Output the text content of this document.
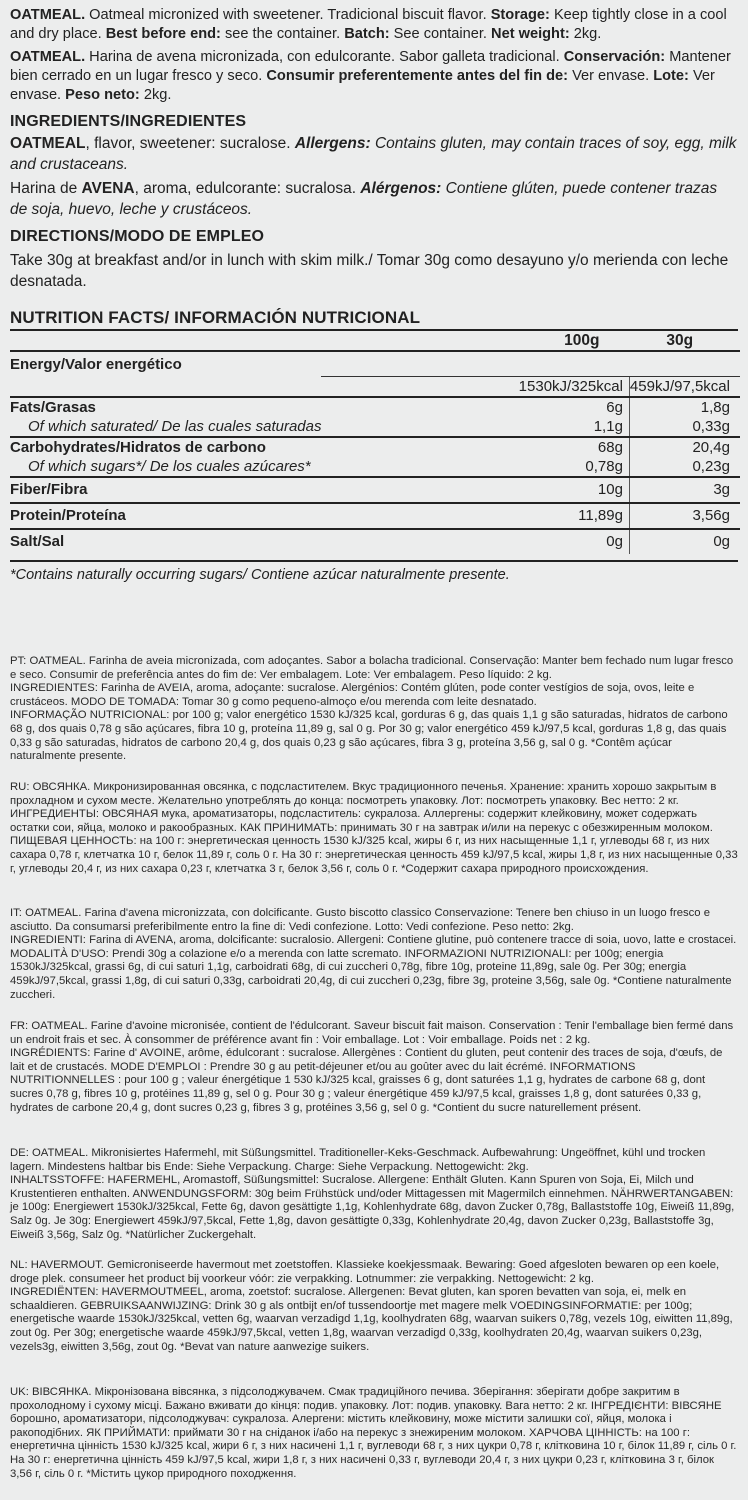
OATMEAL. Oatmeal micronized with sweetener. Tradicional biscuit flavor. Storage: Keep tightly close in a cool and dry place. Best before end: see the container. Batch: See container. Net weight: 2kg.

OATMEAL. Harina de avena micronizada, con edulcorante. Sabor galleta tradicional. Conservación: Mantener bien cerrado en un lugar fresco y seco. Consumir preferentemente antes del fin de: Ver envase. Lote: Ver envase. Peso neto: 2kg.

INGREDIENTS/INGREDIENTES

OATMEAL, flavor, sweetener: sucralose. Allergens: Contains gluten, may contain traces of soy, egg, milk and crustaceans.

Harina de AVENA, aroma, edulcorante: sucralosa. Alérgenos: Contiene glúten, puede contener trazas de soja, huevo, leche y crustáceos.

DIRECTIONS/MODO DE EMPLEO

Take 30g at breakfast and/or in lunch with skim milk./ Tomar 30g como desayuno y/o merienda con leche desnatada.

NUTRITION FACTS/ INFORMACIÓN NUTRICIONAL
	100g	30g
Energy/Valor energético		
	1530kJ/325kcal	459kJ/97,5kcal
Fats/Grasas	6g	1,8g
Of which saturated/ De las cuales saturadas	1,1g	0,33g
Carbohydrates/Hidratos de carbono	68g	20,4g
Of which sugars*/ De los cuales azúcares*	0,78g	0,23g
Fiber/Fibra	10g	3g
Protein/Proteína	11,89g	3,56g
Salt/Sal	0g	0g

*Contains naturally occurring sugars/ Contiene azúcar naturalmente presente.

PT: OATMEAL. Farinha de aveia micronizada, com adoçantes. Sabor a bolacha tradicional. Conservação: Manter bem fechado num lugar fresco e seco. Consumir de preferência antes do fim de: Ver embalagem. Lote: Ver embalagem. Peso líquido: 2 kg.

INGREDIENTES: Farinha de AVEIA, aroma, adoçante: sucralose. Alergénios: Contém glúten, pode conter vestígios de soja, ovos, leite e crustáceos. MODO DE TOMADA: Tomar 30 g como pequeno-almoço e/ou merenda com leite desnatado.

INFORMAÇÃO NUTRICIONAL: por 100 g; valor energético 1530 kJ/325 kcal, gorduras 6 g, das quais 1,1 g são saturadas, hidratos de carbono 68 g, dos quais 0,78 g são açúcares, fibra 10 g, proteína 11,89 g, sal 0 g. Por 30 g; valor energético 459 kJ/97,5 kcal, gorduras 1,8 g, das quais 0,33 g são saturadas, hidratos de carbono 20,4 g, dos quais 0,23 g são açúcares, fibra 3 g, proteína 3,56 g, sal 0 g. *Contêm açúcar naturalmente presente.

RU: ОВСЯНКА. Микронизированная овсянка, с подсластителем. Вкус традиционного печенья. Хранение: хранить хорошо закрытым в прохладном и сухом месте. Желательно употреблять до конца: посмотреть упаковку. Лот: посмотреть упаковку. Вес нетто: 2 кг. ИНГРЕДИЕНТЫ: ОВСЯНАЯ мука, ароматизаторы, подсластитель: сукралоза. Аллергены: содержит клейковину, может содержать остатки сои, яйца, молоко и ракообразных. КАК ПРИНИМАТЬ: принимать 30 г на завтрак и/или на перекус с обезжиренным молоком. ПИЩЕВАЯ ЦЕННОСТЬ: на 100 г: энергетическая ценность 1530 kJ/325 kcal, жиры 6 г, из них насыщенные 1,1 г, углеводы 68 г, из них сахара 0,78 г, клетчатка 10 г, белок 11,89 г, соль 0 г. На 30 г: энергетическая ценность 459 kJ/97,5 kcal, жиры 1,8 г, из них насыщенные 0,33 г, углеводы 20,4 г, из них сахара 0,23 г, клетчатка 3 г, белок 3,56 г, соль 0 г. *Содержит сахара природного происхождения.

IT: OATMEAL. Farina d'avena micronizzata, con dolcificante. Gusto biscotto classico Conservazione: Tenere ben chiuso in un luogo fresco e asciutto. Da consumarsi preferibilmente entro la fine di: Vedi confezione. Lotto: Vedi confezione. Peso netto: 2kg.

INGREDIENTI: Farina di AVENA, aroma, dolcificante: sucralosio. Allergeni: Contiene glutine, può contenere tracce di soia, uovo, latte e crostacei. MODALITÀ D'USO: Prendi 30g a colazione e/o a merenda con latte scremato. INFORMAZIONI NUTRIZIONALI: per 100g; energia 1530kJ/325kcal, grassi 6g, di cui saturi 1,1g, carboidrati 68g, di cui zuccheri 0,78g, fibre 10g, proteine 11,89g, sale 0g. Per 30g; energia 459kJ/97,5kcal, grassi 1,8g, di cui saturi 0,33g, carboidrati 20,4g, di cui zuccheri 0,23g, fibre 3g, proteine 3,56g, sale 0g. *Contiene naturalmente zuccheri.

FR: OATMEAL. Farine d'avoine micronisée, contient de l'édulcorant. Saveur biscuit fait maison. Conservation : Tenir l'emballage bien fermé dans un endroit frais et sec. À consommer de préférence avant fin : Voir emballage. Lot : Voir emballage. Poids net : 2 kg.

INGRÉDIENTS: Farine d' AVOINE, arôme, édulcorant : sucralose. Allergènes : Contient du gluten, peut contenir des traces de soja, d'œufs, de lait et de crustacés. MODE D'EMPLOI : Prendre 30 g au petit-déjeuner et/ou au goûter avec du lait écrémé. INFORMATIONS NUTRITIONNELLES : pour 100 g ; valeur énergétique 1 530 kJ/325 kcal, graisses 6 g, dont saturées 1,1 g, hydrates de carbone 68 g, dont sucres 0,78 g, fibres 10 g, protéines 11,89 g, sel 0 g. Pour 30 g ; valeur énergétique 459 kJ/97,5 kcal, graisses 1,8 g, dont saturées 0,33 g, hydrates de carbone 20,4 g, dont sucres 0,23 g, fibres 3 g, protéines 3,56 g, sel 0 g. *Contient du sucre naturellement présent.

DE: OATMEAL. Mikronisiertes Hafermehl, mit Süßungsmittel. Traditioneller-Keks-Geschmack. Aufbewahrung: Ungeöffnet, kühl und trocken lagern. Mindestens haltbar bis Ende: Siehe Verpackung. Charge: Siehe Verpackung. Nettogewicht: 2kg.

INHALTSSTOFFE: HAFERMEHL, Aromastoff, Süßungsmittel: Sucralose. Allergene: Enthält Gluten. Kann Spuren von Soja, Ei, Milch und Krustentieren enthalten. ANWENDUNGSFORM: 30g beim Frühstück und/oder Mittagessen mit Magermilch einnehmen. NÄHRWERTANGABEN: je 100g: Energiewert 1530kJ/325kcal, Fette 6g, davon gesättigte 1,1g, Kohlenhydrate 68g, davon Zucker 0,78g, Ballaststoffe 10g, Eiweiß 11,89g, Salz 0g. Je 30g: Energiewert 459kJ/97,5kcal, Fette 1,8g, davon gesättigte 0,33g, Kohlenhydrate 20,4g, davon Zucker 0,23g, Ballaststoffe 3g, Eiweiß 3,56g, Salz 0g. *Natürlicher Zuckergehalt.

NL: HAVERMOUT. Gemicroniseerde havermout met zoetstoffen. Klassieke koekjessmaak. Bewaring: Goed afgesloten bewaren op een koele, droge plek. consumeer het product bij voorkeur vóór: zie verpakking. Lotnummer: zie verpakking. Nettogewicht: 2 kg.

INGREDIËNTEN: HAVERMOUTMEEL, aroma, zoetstof: sucralose. Allergenen: Bevat gluten, kan sporen bevatten van soja, ei, melk en schaaldieren. GEBRUIKSAANWIJZING: Drink 30 g als ontbijt en/of tussendoortje met magere melk VOEDINGSINFORMATIE: per 100g; energetische waarde 1530kJ/325kcal, vetten 6g, waarvan verzadigd 1,1g, koolhydraten 68g, waarvan suikers 0,78g, vezels 10g, eiwitten 11,89g, zout 0g. Per 30g; energetische waarde 459kJ/97,5kcal, vetten 1,8g, waarvan verzadigd 0,33g, koolhydraten 20,4g, waarvan suikers 0,23g, vezels3g, eiwitten 3,56g, zout 0g. *Bevat van nature aanwezige suikers.

UK: ВІВСЯНКА. Мікронізована вівсянка, з підсолоджувачем. Смак традиційного печива. Зберігання: зберігати добре закритим в прохолодному і сухому місці. Бажано вживати до кінця: подив. упаковку. Лот: подив. упаковку. Вага нетто: 2 кг. ІНГРЕДІЄНТИ: ВІВСЯНЕ борошно, ароматизатори, підсолоджувач: сукралоза. Алергени: містить клейковину, може містити залишки сої, яйця, молока і ракоподібних. ЯК ПРИЙМАТИ: приймати 30 г на сніданок і/або на перекус з знежиреним молоком. ХАРЧОВА ЦІННІСТЬ: на 100 г: енергетична цінність 1530 kJ/325 kcal, жири 6 г, з них насичені 1,1 г, вуглеводи 68 г, з них цукри 0,78 г, клітковина 10 г, білок 11,89 г, сіль 0 г. На 30 г: енергетична цінність 459 kJ/97,5 kcal, жири 1,8 г, з них насичені 0,33 г, вуглеводи 20,4 г, з них цукри 0,23 г, клітковина 3 г, білок 3,56 г, сіль 0 г. *Містить цукор природного походження.
